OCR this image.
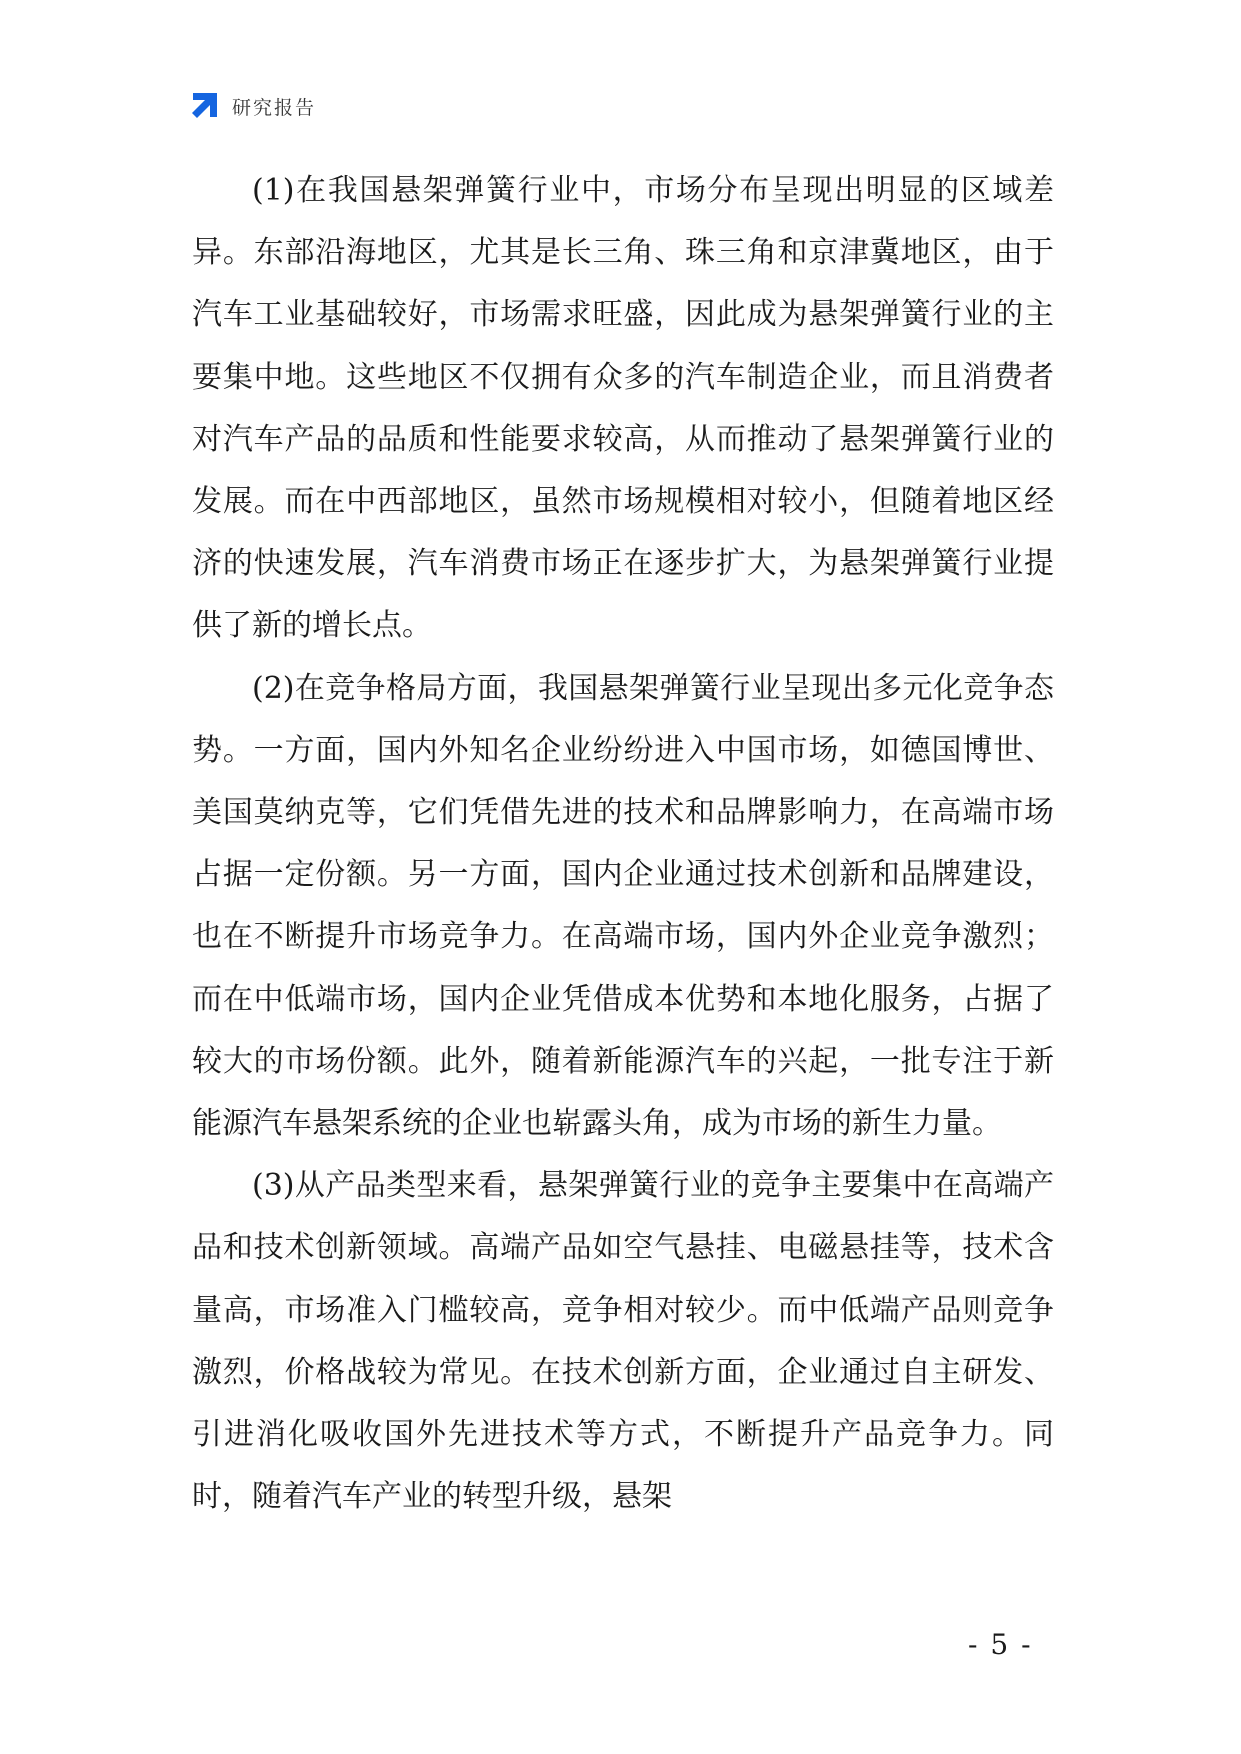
研究报告

(1)在我国悬架弹簧行业中，市场分布呈现出明显的区域差异。东部沿海地区，尤其是长三角、珠三角和京津冀地区，由于汽车工业基础较好，市场需求旺盛，因此成为悬架弹簧行业的主要集中地。这些地区不仅拥有众多的汽车制造企业，而且消费者对汽车产品的品质和性能要求较高，从而推动了悬架弹簧行业的发展。而在中西部地区，虽然市场规模相对较小，但随着地区经济的快速发展，汽车消费市场正在逐步扩大，为悬架弹簧行业提供了新的增长点。

(2)在竞争格局方面，我国悬架弹簧行业呈现出多元化竞争态势。一方面，国内外知名企业纷纷进入中国市场，如德国博世、美国莫纳克等，它们凭借先进的技术和品牌影响力，在高端市场占据一定份额。另一方面，国内企业通过技术创新和品牌建设，也在不断提升市场竞争力。在高端市场，国内外企业竞争激烈；而在中低端市场，国内企业凭借成本优势和本地化服务，占据了较大的市场份额。此外，随着新能源汽车的兴起，一批专注于新能源汽车悬架系统的企业也崭露头角，成为市场的新生力量。

(3)从产品类型来看，悬架弹簧行业的竞争主要集中在高端产品和技术创新领域。高端产品如空气悬挂、电磁悬挂等，技术含量高，市场准入门槛较高，竞争相对较少。而中低端产品则竞争激烈，价格战较为常见。在技术创新方面，企业通过自主研发、引进消化吸收国外先进技术等方式，不断提升产品竞争力。同时，随着汽车产业的转型升级，悬架

- 5 -
